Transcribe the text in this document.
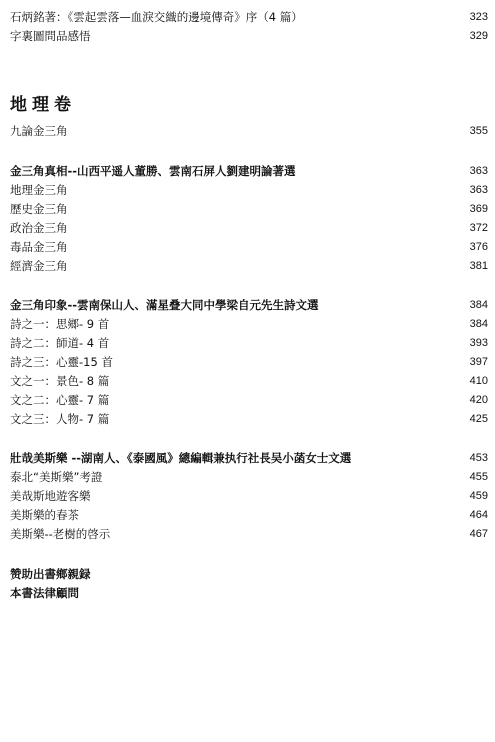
石炳銘著：《雲起雲落—血淚交織的邊境傳奇》序（4 篇）	323
字裏圖問品感悟	329
地理卷
九論金三角	355
金三角真相--山西平遥人董勝、雲南石屏人劉建明論著選	363
地理金三角	363
歷史金三角	369
政治金三角	372
毒品金三角	376
經濟金三角	381
金三角印象--雲南保山人、滿星叠大同中學梁自元先生詩文選	384
詩之一：思鄉- 9 首	384
詩之二：師道- 4 首	393
詩之三：心靈-15 首	397
文之一：景色- 8 篇	410
文之二：心靈- 7 篇	420
文之三：人物- 7 篇	425
壯哉美斯樂 --湖南人、《泰國風》總編輯兼执行社長吴小菡女士文選	453
泰北“美斯樂”考證	455
美哉斯地遊客樂	459
美斯樂的春茶	464
美斯樂--老樹的啓示	467
赞助出書鄉親録
本書法律顧問
